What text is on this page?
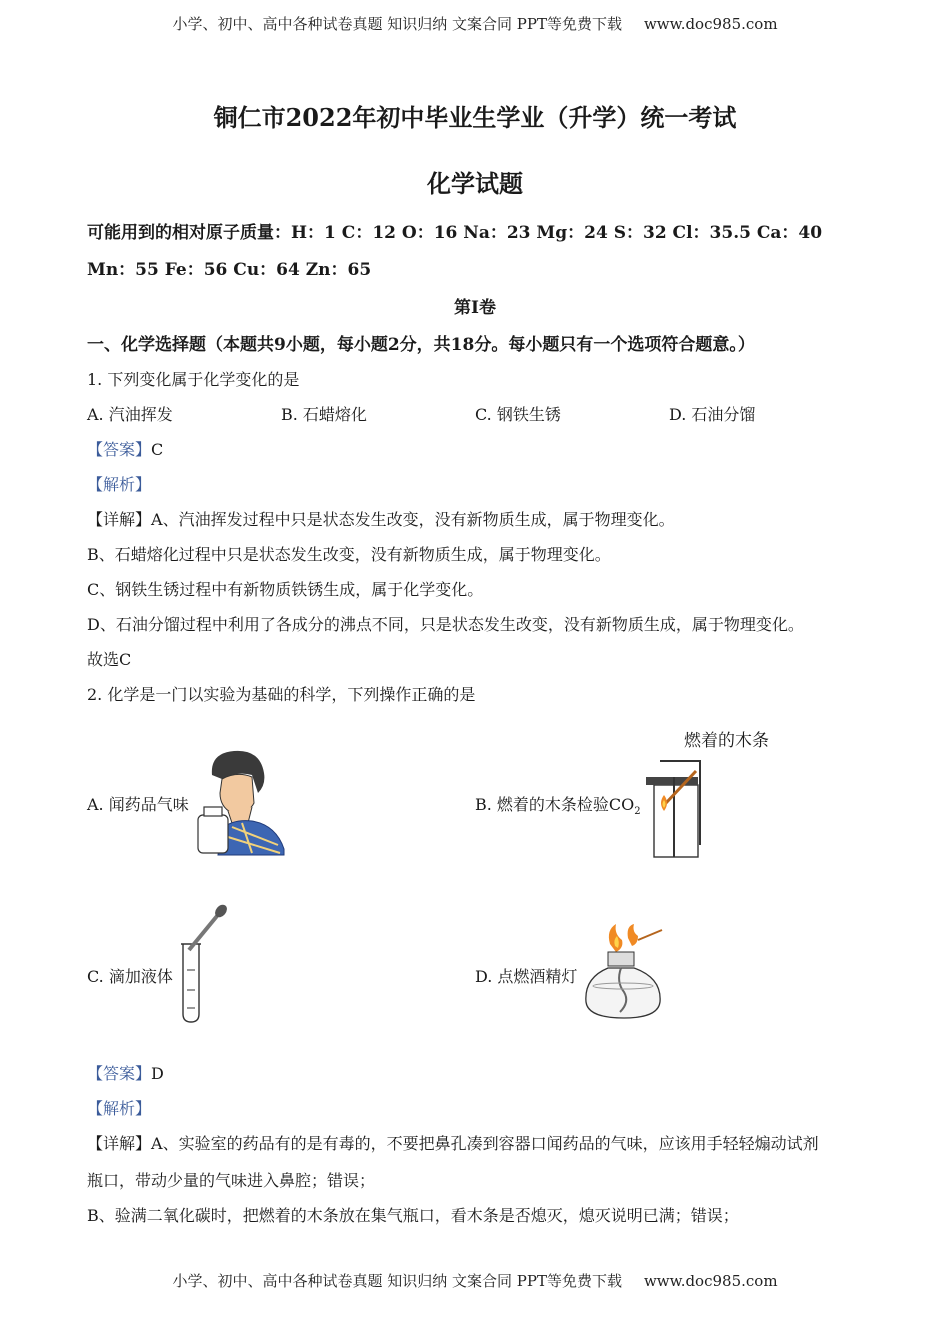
小学、初中、高中各种试卷真题 知识归纳 文案合同 PPT等免费下载 www.doc985.com
铜仁市2022年初中毕业生学业（升学）统一考试
化学试题
可能用到的相对原子质量：H：1 C：12 O：16 Na：23 Mg：24 S：32 Cl：35.5 Ca：40
Mn：55 Fe：56 Cu：64 Zn：65
第I卷
一、化学选择题（本题共9小题，每小题2分，共18分。每小题只有一个选项符合题意。）
1. 下列变化属于化学变化的是
A. 汽油挥发	B. 石蜡熔化	C. 钢铁生锈	D. 石油分馏
【答案】C
【解析】
【详解】A、汽油挥发过程中只是状态发生改变，没有新物质生成，属于物理变化。
B、石蜡熔化过程中只是状态发生改变，没有新物质生成，属于物理变化。
C、钢铁生锈过程中有新物质铁锈生成，属于化学变化。
D、石油分馏过程中利用了各成分的沸点不同，只是状态发生改变，没有新物质生成，属于物理变化。
故选C
2. 化学是一门以实验为基础的科学，下列操作正确的是
A. 闻药品气味	B. 燃着的木条检验$CO_2$
燃着的木条
C. 滴加液体	D. 点燃酒精灯
【答案】D
【解析】
【详解】A、实验室的药品有的是有毒的，不要把鼻孔凑到容器口闻药品的气味，应该用手轻轻煽动试剂
瓶口，带动少量的气味进入鼻腔；错误；
B、验满二氧化碳时，把燃着的木条放在集气瓶口，看木条是否熄灭，熄灭说明已满；错误；
小学、初中、高中各种试卷真题 知识归纳 文案合同 PPT等免费下载 www.doc985.com
